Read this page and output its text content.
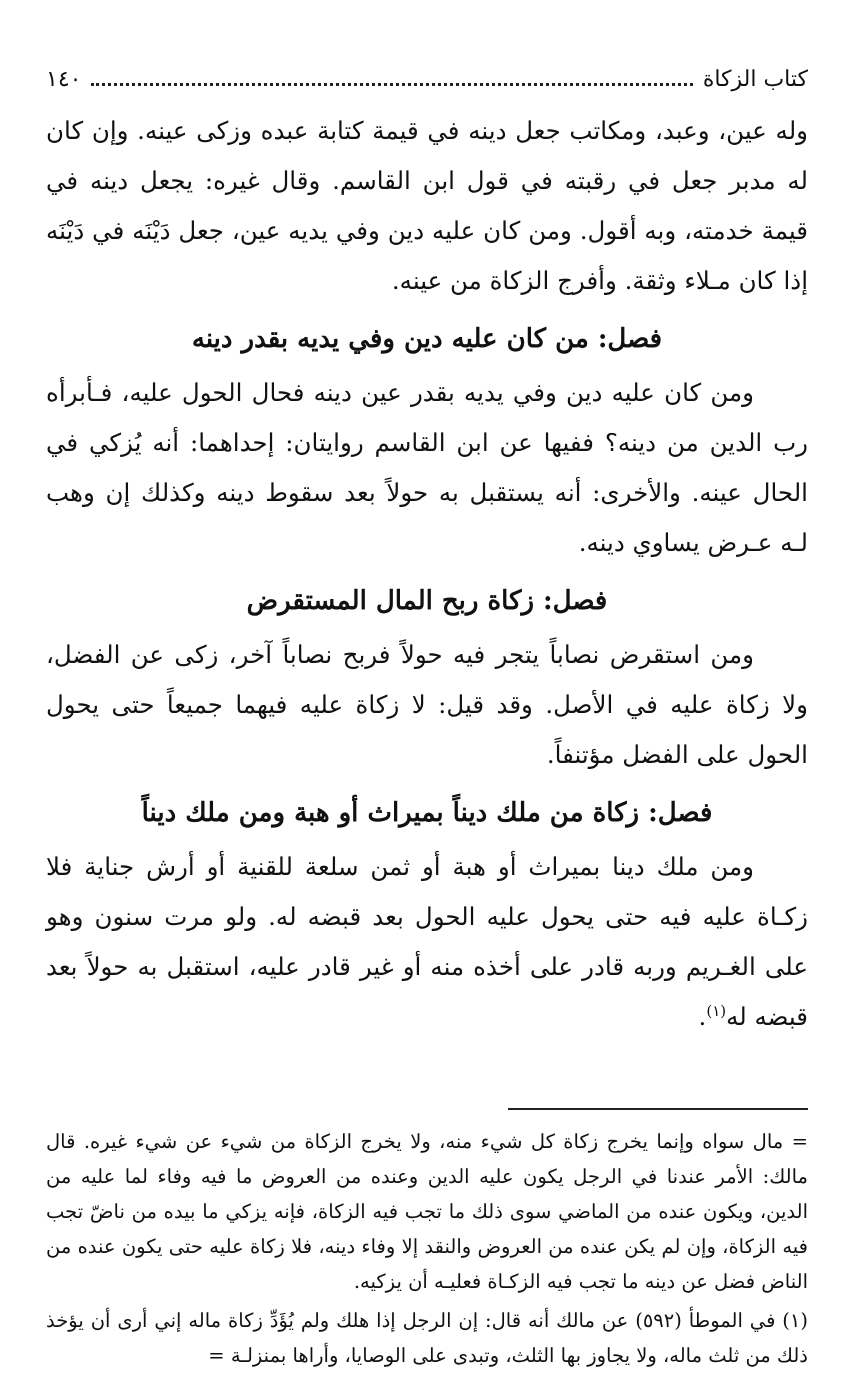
كتاب الزكاة
١٤٠

وله عين، وعبد، ومكاتب جعل دينه في قيمة كتابة عبده وزكى عينه. وإن كان له مدبر جعل في رقبته في قول ابن القاسم. وقال غيره: يجعل دينه في قيمة خدمته، وبه أقول. ومن كان عليه دين وفي يديه عين، جعل دَيْنَه في دَيْنَه إذا كان مـلاء وثقة. وأفرج الزكاة من عينه.

فصل: من كان عليه دين وفي يديه بقدر دينه

ومن كان عليه دين وفي يديه بقدر عين دينه فحال الحول عليه، فـأبرأه رب الدين من دينه؟ ففيها عن ابن القاسم روايتان: إحداهما: أنه يُزكي في الحال عينه. والأخرى: أنه يستقبل به حولاً بعد سقوط دينه وكذلك إن وهب لـه عـرض يساوي دينه.

فصل: زكاة ربح المال المستقرض

ومن استقرض نصاباً يتجر فيه حولاً فربح نصاباً آخر، زكى عن الفضل، ولا زكاة عليه في الأصل. وقد قيل: لا زكاة عليه فيهما جميعاً حتى يحول الحول على الفضل مؤتنفاً.

فصل: زكاة من ملك ديناً بميراث أو هبة ومن ملك ديناً

ومن ملك دينا بميراث أو هبة أو ثمن سلعة للقنية أو أرش جناية فلا زكـاة عليه فيه حتى يحول عليه الحول بعد قبضه له. ولو مرت سنون وهو على الغـريم وربه قادر على أخذه منه أو غير قادر عليه، استقبل به حولاً بعد قبضه له$^{(١)}$.

= مال سواه وإنما يخرج زكاة كل شيء منه، ولا يخرج الزكاة من شيء عن شيء غيره. قال مالك: الأمر عندنا في الرجل يكون عليه الدين وعنده من العروض ما فيه وفاء لما عليه من الدين، ويكون عنده من الماضي سوى ذلك ما تجب فيه الزكاة، فإنه يزكي ما بيده من ناضّ تجب فيه الزكاة، وإن لم يكن عنده من العروض والنقد إلا وفاء دينه، فلا زكاة عليه حتى يكون عنده من الناض فضل عن دينه ما تجب فيه الزكـاة فعليـه أن يزكيه.

(١) في الموطأ (٥٩٢) عن مالك أنه قال: إن الرجل إذا هلك ولم يُؤَدِّ زكاة ماله إني أرى أن يؤخذ ذلك من ثلث ماله، ولا يجاوز بها الثلث، وتبدى على الوصايا، وأراها بمنزلـة =
